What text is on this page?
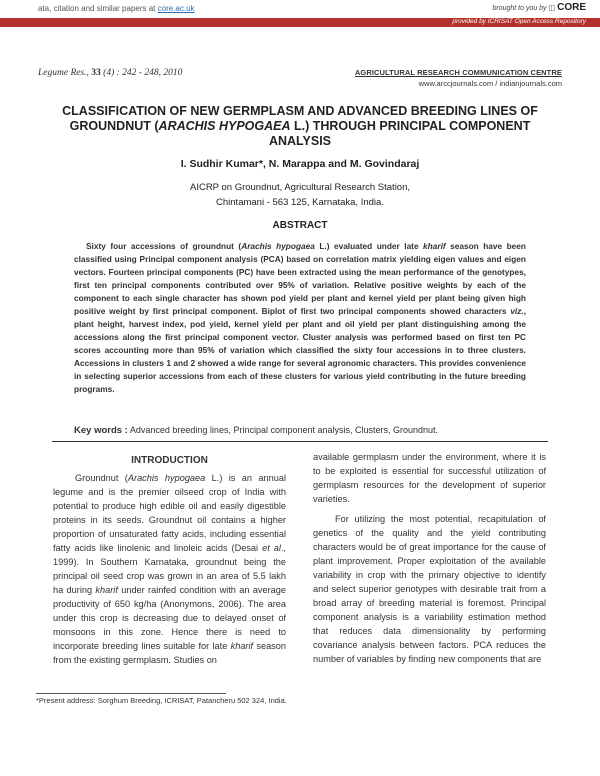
ata, citation and similar papers at core.ac.uk	brought to you by ◫ CORE
provided by ICRISAT Open Access Repository
Legume Res., 33 (4) : 242 - 248, 2010	AGRICULTURAL RESEARCH COMMUNICATION CENTRE
www.arccjournals.com / indianjournals.com
CLASSIFICATION OF NEW GERMPLASM AND ADVANCED BREEDING LINES OF GROUNDNUT (ARACHIS HYPOGAEA L.) THROUGH PRINCIPAL COMPONENT ANALYSIS
I. Sudhir Kumar*, N. Marappa and M. Govindaraj
AICRP on Groundnut, Agricultural Research Station,
Chintamani - 563 125, Karnataka, India.
ABSTRACT
Sixty four accessions of groundnut (Arachis hypogaea L.) evaluated under late kharif season have been classified using Principal component analysis (PCA) based on correlation matrix yielding eigen values and eigen vectors. Fourteen principal components (PC) have been extracted using the mean performance of the genotypes, first ten principal components contributed over 95% of variation. Relative positive weights by each of the component to each single character has shown pod yield per plant and kernel yield per plant being given high positive weight by first principal component. Biplot of first two principal components showed characters viz., plant height, harvest index, pod yield, kernel yield per plant and oil yield per plant distinguishing among the accessions along the first principal component vector. Cluster analysis was performed based on first ten PC scores accounting more than 95% of variation which classified the sixty four accessions in to three clusters. Accessions in clusters 1 and 2 showed a wide range for several agronomic characters. This provides convenience in selecting superior accessions from each of these clusters for various yield contributing in the future breeding programs.
Key words : Advanced breeding lines, Principal component analysis, Clusters, Groundnut.
INTRODUCTION

Groundnut (Arachis hypogaea L.) is an annual legume and is the premier oilseed crop of India with potential to produce high edible oil and easily digestible proteins in its seeds. Groundnut oil contains a higher proportion of unsaturated fatty acids, including essential fatty acids like linolenic and linoleic acids (Desai et al., 1999). In Southern Karnataka, groundnut being the principal oil seed crop was grown in an area of 5.5 lakh ha during kharif under rainfed condition with an average productivity of 650 kg/ha (Anonymons, 2006). The area under this crop is decreasing due to delayed onset of monsoons in this zone. Hence there is need to incorporate breeding lines suitable for late kharif season from the existing germplasm. Studies on

available germplasm under the environment, where it is to be exploited is essential for successful utilization of germplasm resources for the development of superior varieties.

For utilizing the most potential, recapitulation of genetics of the quality and the yield contributing characters would be of great importance for the cause of plant improvement. Proper exploitation of the available variability in crop with the primary objective to identify and select superior genotypes with desirable trait from a broad array of breeding material is foremost. Principal component analysis is a variability estimation method that reduces data dimensionality by performing covariance analysis between factors. PCA reduces the number of variables by finding new components that are

*Present address: Sorghum Breeding, ICRISAT, Patancheru 502 324, India.
